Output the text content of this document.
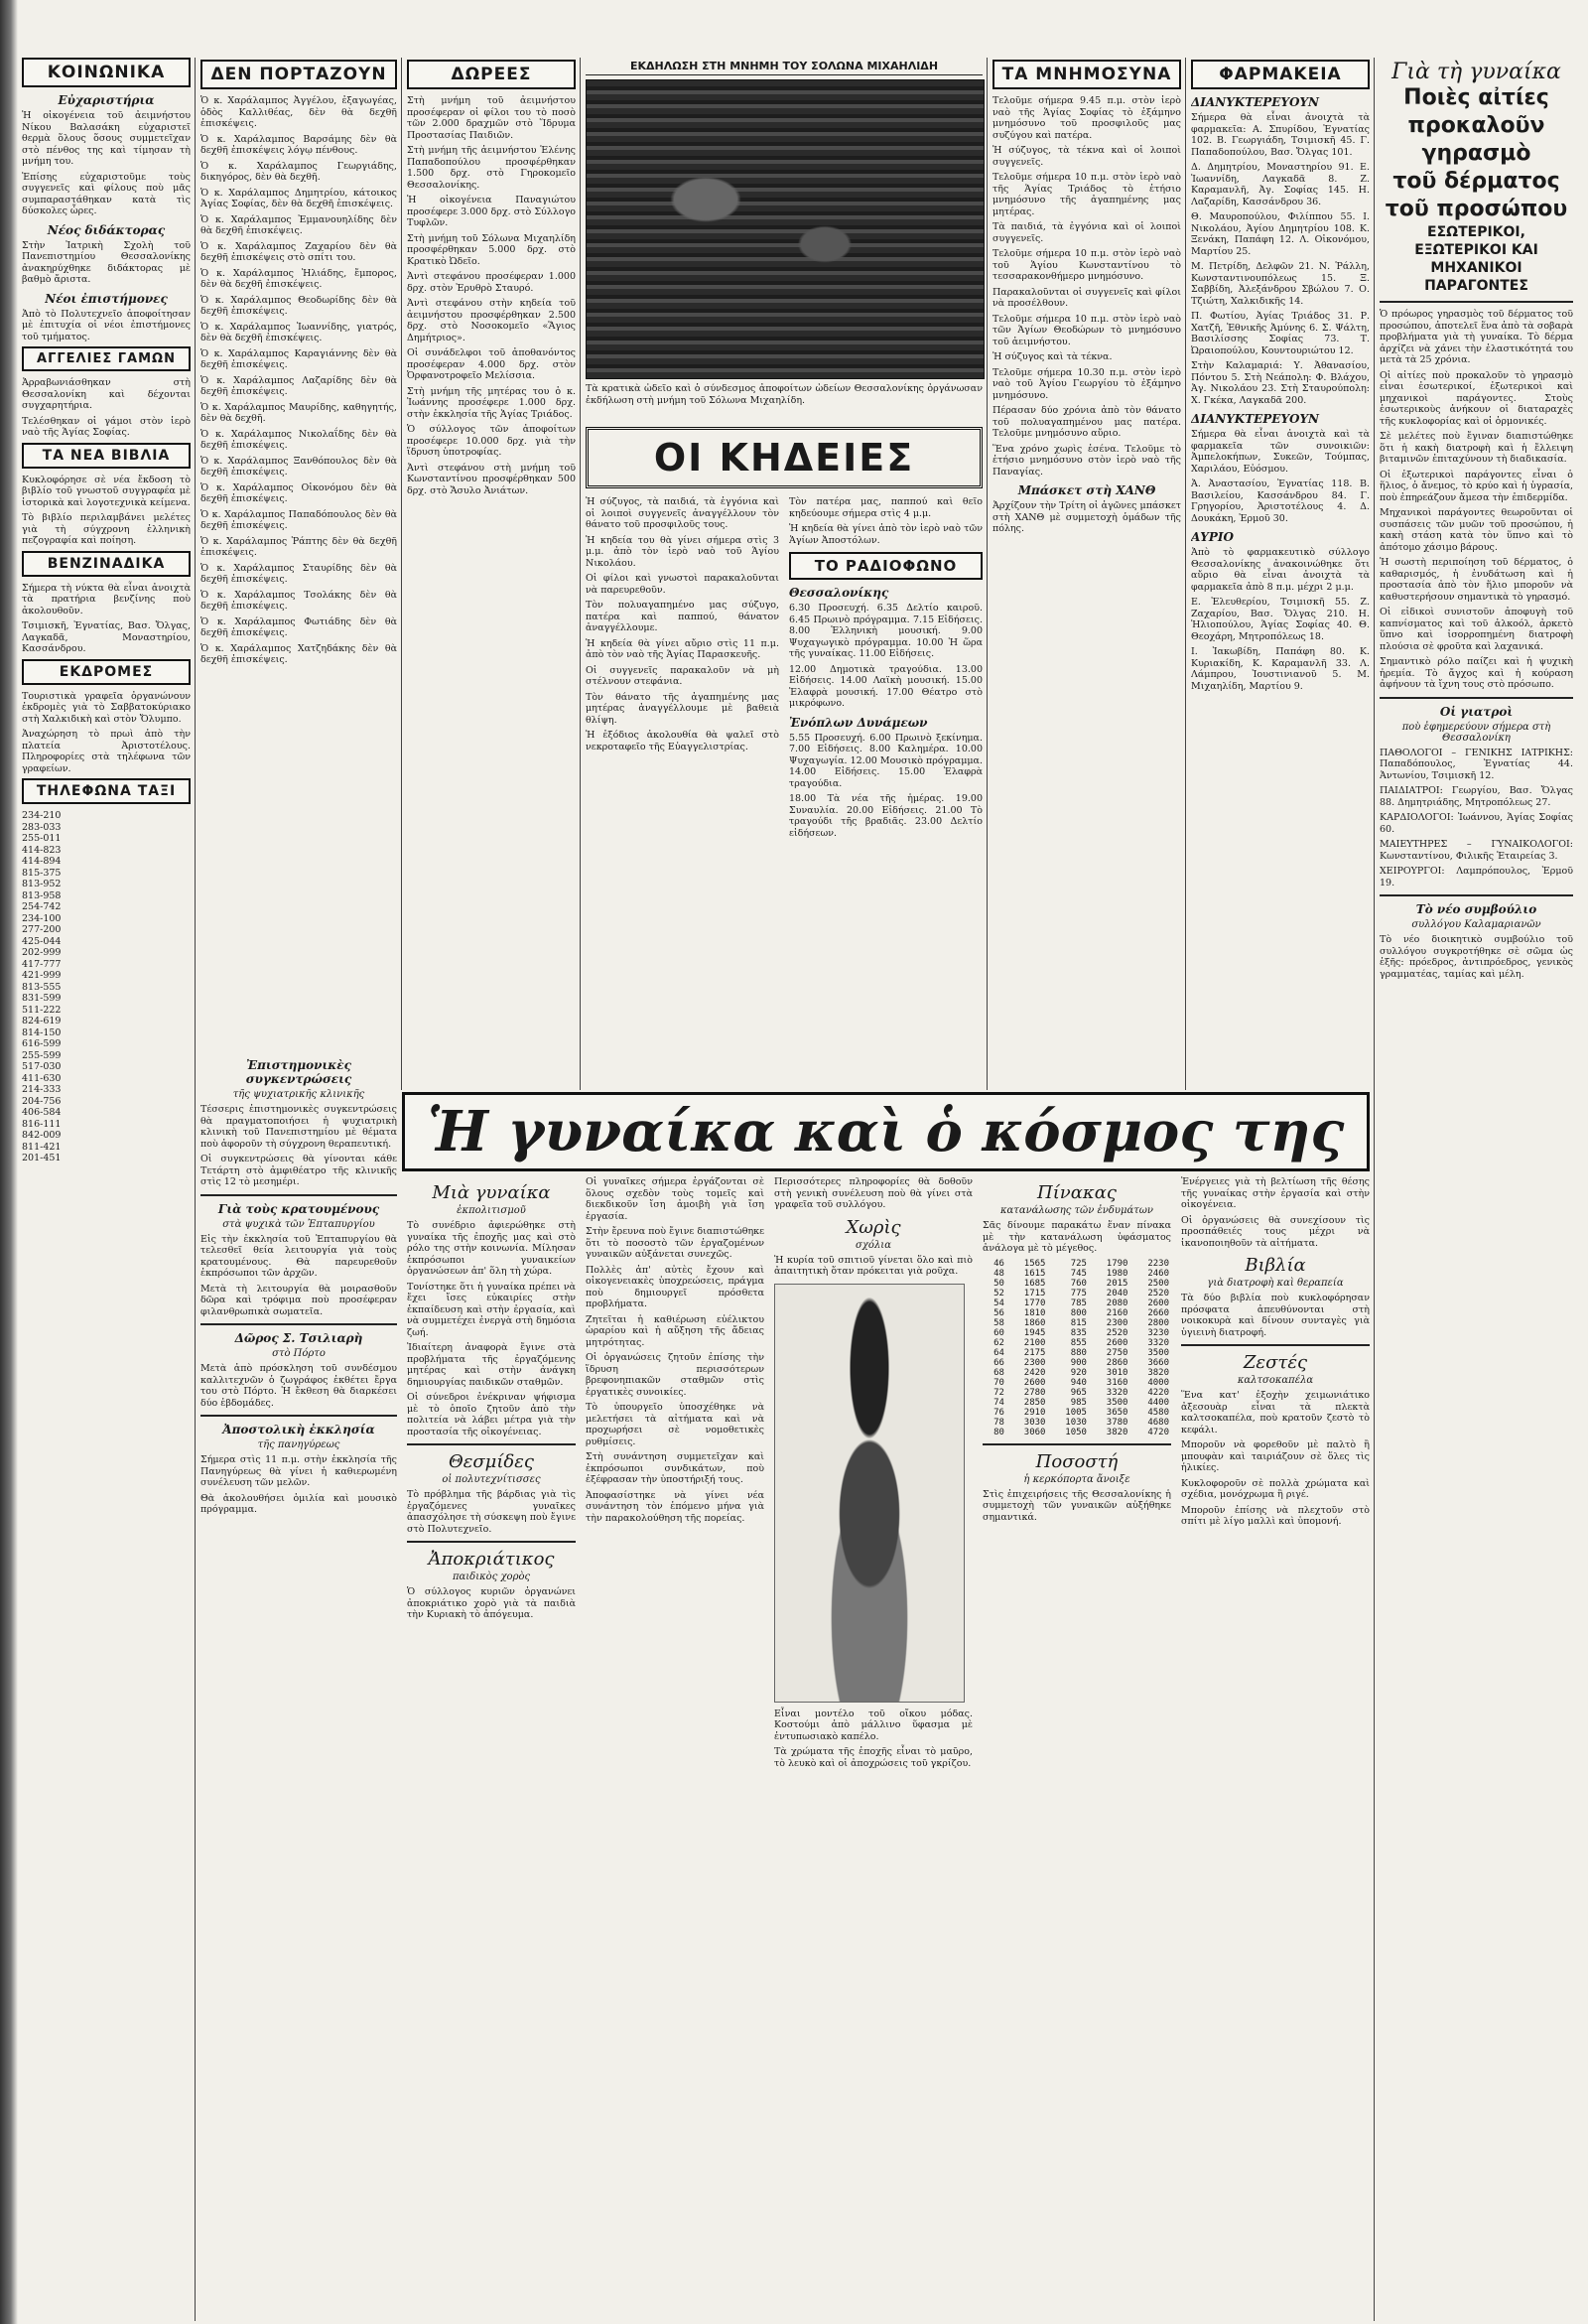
ΚΟΙΝΩΝΙΚΑ
Εὐχαριστήρια

Ἡ οἰκογένεια τοῦ ἀειμνήστου Νίκου Βαλασάκη εὐχαριστεῖ θερμὰ ὅλους ὅσους συμμετεῖχαν στὸ πένθος της καὶ τίμησαν τὴ μνήμη του.

Ἐπίσης εὐχαριστοῦμε τοὺς συγγενεῖς καὶ φίλους ποὺ μᾶς συμπαραστάθηκαν κατὰ τὶς δύσκολες ὧρες.

Νέος διδάκτορας

Στὴν Ἰατρικὴ Σχολὴ τοῦ Πανεπιστημίου Θεσσαλονίκης ἀνακηρύχθηκε διδάκτορας μὲ βαθμὸ ἄριστα.

Νέοι ἐπιστήμονες

Ἀπὸ τὸ Πολυτεχνεῖο ἀποφοίτησαν μὲ ἐπιτυχία οἱ νέοι ἐπιστήμονες τοῦ τμήματος.

ΑΓΓΕΛΙΕΣ ΓΑΜΩΝ

Ἀρραβωνιάσθηκαν στὴ Θεσσαλονίκη καὶ δέχονται συγχαρητήρια.

Τελέσθηκαν οἱ γάμοι στὸν ἱερὸ ναὸ τῆς Ἁγίας Σοφίας.

ΤΑ ΝΕΑ ΒΙΒΛΙΑ

Κυκλοφόρησε σὲ νέα ἔκδοση τὸ βιβλίο τοῦ γνωστοῦ συγγραφέα μὲ ἱστορικὰ καὶ λογοτεχνικὰ κείμενα.

Τὸ βιβλίο περιλαμβάνει μελέτες γιὰ τὴ σύγχρονη ἑλληνικὴ πεζογραφία καὶ ποίηση.

ΒΕΝΖΙΝΑΔΙΚΑ

Σήμερα τὴ νύκτα θὰ εἶναι ἀνοιχτὰ τὰ πρατήρια βενζίνης ποὺ ἀκολουθοῦν.

Τσιμισκῆ, Ἐγνατίας, Βασ. Ὄλγας, Λαγκαδᾶ, Μοναστηρίου, Κασσάνδρου.

ΕΚΔΡΟΜΕΣ

Τουριστικὰ γραφεῖα ὀργανώνουν ἐκδρομὲς γιὰ τὸ Σαββατοκύριακο στὴ Χαλκιδικὴ καὶ στὸν Ὄλυμπο.

Ἀναχώρηση τὸ πρωὶ ἀπὸ τὴν πλατεία Ἀριστοτέλους. Πληροφορίες στὰ τηλέφωνα τῶν γραφείων.

ΤΗΛΕΦΩΝΑ ΤΑΞΙ
234-210
283-033
255-011
414-823
414-894
815-375
813-952
813-958
254-742
234-100
277-200
425-044
202-999
417-777
421-999
813-555
831-599
511-222
824-619
814-150
616-599
255-599
517-030
411-630
214-333
204-756
406-584
816-111
842-009
811-421
201-451
ΔΕΝ ΠΟΡΤΑΖΟΥΝ

Ὁ κ. Χαράλαμπος Ἀγγέλου, ἐξαγωγέας, ὁδὸς Καλλιθέας, δὲν θὰ δεχθῆ ἐπισκέψεις.

Ὁ κ. Χαράλαμπος Βαρσάμης δὲν θὰ δεχθῆ ἐπισκέψεις λόγῳ πένθους.

Ὁ κ. Χαράλαμπος Γεωργιάδης, δικηγόρος, δὲν θὰ δεχθῆ.

Ὁ κ. Χαράλαμπος Δημητρίου, κάτοικος Ἀγίας Σοφίας, δὲν θὰ δεχθῆ ἐπισκέψεις.

Ὁ κ. Χαράλαμπος Ἐμμανουηλίδης δὲν θὰ δεχθῆ ἐπισκέψεις.

Ὁ κ. Χαράλαμπος Ζαχαρίου δὲν θὰ δεχθῆ ἐπισκέψεις στὸ σπίτι του.

Ὁ κ. Χαράλαμπος Ἠλιάδης, ἔμπορος, δὲν θὰ δεχθῆ ἐπισκέψεις.

Ὁ κ. Χαράλαμπος Θεοδωρίδης δὲν θὰ δεχθῆ ἐπισκέψεις.

Ὁ κ. Χαράλαμπος Ἰωαννίδης, γιατρός, δὲν θὰ δεχθῆ ἐπισκέψεις.

Ὁ κ. Χαράλαμπος Καραγιάννης δὲν θὰ δεχθῆ ἐπισκέψεις.

Ὁ κ. Χαράλαμπος Λαζαρίδης δὲν θὰ δεχθῆ ἐπισκέψεις.

Ὁ κ. Χαράλαμπος Μαυρίδης, καθηγητής, δὲν θὰ δεχθῆ.

Ὁ κ. Χαράλαμπος Νικολαΐδης δὲν θὰ δεχθῆ ἐπισκέψεις.

Ὁ κ. Χαράλαμπος Ξανθόπουλος δὲν θὰ δεχθῆ ἐπισκέψεις.

Ὁ κ. Χαράλαμπος Οἰκονόμου δὲν θὰ δεχθῆ ἐπισκέψεις.

Ὁ κ. Χαράλαμπος Παπαδόπουλος δὲν θὰ δεχθῆ ἐπισκέψεις.

Ὁ κ. Χαράλαμπος Ῥάπτης δὲν θὰ δεχθῆ ἐπισκέψεις.

Ὁ κ. Χαράλαμπος Σταυρίδης δὲν θὰ δεχθῆ ἐπισκέψεις.

Ὁ κ. Χαράλαμπος Τσολάκης δὲν θὰ δεχθῆ ἐπισκέψεις.

Ὁ κ. Χαράλαμπος Φωτιάδης δὲν θὰ δεχθῆ ἐπισκέψεις.

Ὁ κ. Χαράλαμπος Χατζηδάκης δὲν θὰ δεχθῆ ἐπισκέψεις.

ΔΩΡΕΕΣ

Στὴ μνήμη τοῦ ἀειμνήστου προσέφεραν οἱ φίλοι του τὸ ποσὸ τῶν 2.000 δραχμῶν στὸ Ἵδρυμα Προστασίας Παιδιῶν.

Στὴ μνήμη τῆς ἀειμνήστου Ἑλένης Παπαδοπούλου προσφέρθηκαν 1.500 δρχ. στὸ Γηροκομεῖο Θεσσαλονίκης.

Ἡ οἰκογένεια Παναγιώτου προσέφερε 3.000 δρχ. στὸ Σύλλογο Τυφλῶν.

Στὴ μνήμη τοῦ Σόλωνα Μιχαηλίδη προσφέρθηκαν 5.000 δρχ. στὸ Κρατικὸ Ὠδεῖο.

Ἀντὶ στεφάνου προσέφεραν 1.000 δρχ. στὸν Ἐρυθρὸ Σταυρό.

Ἀντὶ στεφάνου στὴν κηδεία τοῦ ἀειμνήστου προσφέρθηκαν 2.500 δρχ. στὸ Νοσοκομεῖο «Ἅγιος Δημήτριος».

Οἱ συνάδελφοι τοῦ ἀποθανόντος προσέφεραν 4.000 δρχ. στὸν Ὀρφανοτροφεῖο Μελίσσια.

Στὴ μνήμη τῆς μητέρας του ὁ κ. Ἰωάννης προσέφερε 1.000 δρχ. στὴν ἐκκλησία τῆς Ἁγίας Τριάδος.

Ὁ σύλλογος τῶν ἀποφοίτων προσέφερε 10.000 δρχ. γιὰ τὴν ἵδρυση ὑποτροφίας.

Ἀντὶ στεφάνου στὴ μνήμη τοῦ Κωνσταντίνου προσφέρθηκαν 500 δρχ. στὸ Ἄσυλο Ἀνιάτων.

ΕΚΔΗΛΩΣΗ ΣΤΗ ΜΝΗΜΗ ΤΟΥ ΣΟΛΩΝΑ ΜΙΧΑΗΛΙΔΗ
Τὰ κρατικὰ ὠδεῖο καὶ ὁ σύνδεσμος ἀποφοίτων ὠδείων Θεσσαλονίκης ὀργάνωσαν ἐκδήλωση στὴ μνήμη τοῦ Σόλωνα Μιχαηλίδη.
ΟΙ ΚΗΔΕΙΕΣ

Ἡ σύζυγος, τὰ παιδιά, τὰ ἐγγόνια καὶ οἱ λοιποὶ συγγενεῖς ἀναγγέλλουν τὸν θάνατο τοῦ προσφιλοῦς τους.

Ἡ κηδεία του θὰ γίνει σήμερα στὶς 3 μ.μ. ἀπὸ τὸν ἱερὸ ναὸ τοῦ Ἁγίου Νικολάου.

Οἱ φίλοι καὶ γνωστοὶ παρακαλοῦνται νὰ παρευρεθοῦν.

Τὸν πολυαγαπημένο μας σύζυγο, πατέρα καὶ παππού, θάνατον ἀναγγέλλουμε.

Ἡ κηδεία θὰ γίνει αὔριο στὶς 11 π.μ. ἀπὸ τὸν ναὸ τῆς Ἁγίας Παρασκευῆς.

Οἱ συγγενεῖς παρακαλοῦν νὰ μὴ στέλνουν στεφάνια.

Τὸν θάνατο τῆς ἀγαπημένης μας μητέρας ἀναγγέλλουμε μὲ βαθειὰ θλίψη.

Ἡ ἐξόδιος ἀκολουθία θὰ ψαλεῖ στὸ νεκροταφεῖο τῆς Εὐαγγελιστρίας.

Τὸν πατέρα μας, παππού καὶ θεῖο κηδεύουμε σήμερα στὶς 4 μ.μ.

Ἡ κηδεία θὰ γίνει ἀπὸ τὸν ἱερὸ ναὸ τῶν Ἁγίων Ἀποστόλων.

ΤΟ ΡΑΔΙΟΦΩΝΟ
Θεσσαλονίκης

6.30 Προσευχή. 6.35 Δελτίο καιροῦ. 6.45 Πρωινὸ πρόγραμμα. 7.15 Εἰδήσεις. 8.00 Ἑλληνικὴ μουσική. 9.00 Ψυχαγωγικὸ πρόγραμμα. 10.00 Ἡ ὥρα τῆς γυναίκας. 11.00 Εἰδήσεις.

12.00 Δημοτικὰ τραγούδια. 13.00 Εἰδήσεις. 14.00 Λαϊκὴ μουσική. 15.00 Ἐλαφρὰ μουσική. 17.00 Θέατρο στὸ μικρόφωνο.

Ἐνόπλων Δυνάμεων

5.55 Προσευχή. 6.00 Πρωινὸ ξεκίνημα. 7.00 Εἰδήσεις. 8.00 Καλημέρα. 10.00 Ψυχαγωγία. 12.00 Μουσικὸ πρόγραμμα. 14.00 Εἰδήσεις. 15.00 Ἐλαφρὰ τραγούδια.

18.00 Τὰ νέα τῆς ἡμέρας. 19.00 Συναυλία. 20.00 Εἰδήσεις. 21.00 Τὸ τραγούδι τῆς βραδιᾶς. 23.00 Δελτίο εἰδήσεων.

ΤΑ ΜΝΗΜΟΣΥΝΑ

Τελοῦμε σήμερα 9.45 π.μ. στὸν ἱερὸ ναὸ τῆς Ἁγίας Σοφίας τὸ ἑξάμηνο μνημόσυνο τοῦ προσφιλοῦς μας συζύγου καὶ πατέρα.

Ἡ σύζυγος, τὰ τέκνα καὶ οἱ λοιποὶ συγγενεῖς.

Τελοῦμε σήμερα 10 π.μ. στὸν ἱερὸ ναὸ τῆς Ἁγίας Τριάδος τὸ ἐτήσιο μνημόσυνο τῆς ἀγαπημένης μας μητέρας.

Τὰ παιδιά, τὰ ἐγγόνια καὶ οἱ λοιποὶ συγγενεῖς.

Τελοῦμε σήμερα 10 π.μ. στὸν ἱερὸ ναὸ τοῦ Ἁγίου Κωνσταντίνου τὸ τεσσαρακονθήμερο μνημόσυνο.

Παρακαλοῦνται οἱ συγγενεῖς καὶ φίλοι νὰ προσέλθουν.

Τελοῦμε σήμερα 10 π.μ. στὸν ἱερὸ ναὸ τῶν Ἁγίων Θεοδώρων τὸ μνημόσυνο τοῦ ἀειμνήστου.

Ἡ σύζυγος καὶ τὰ τέκνα.

Τελοῦμε σήμερα 10.30 π.μ. στὸν ἱερὸ ναὸ τοῦ Ἁγίου Γεωργίου τὸ ἑξάμηνο μνημόσυνο.

Πέρασαν δύο χρόνια ἀπὸ τὸν θάνατο τοῦ πολυαγαπημένου μας πατέρα. Τελοῦμε μνημόσυνο αὔριο.

Ἕνα χρόνο χωρὶς ἐσένα. Τελοῦμε τὸ ἐτήσιο μνημόσυνο στὸν ἱερὸ ναὸ τῆς Παναγίας.

Μπάσκετ στὴ ΧΑΝΘ

Ἀρχίζουν τὴν Τρίτη οἱ ἀγῶνες μπάσκετ στὴ ΧΑΝΘ μὲ συμμετοχὴ ὁμάδων τῆς πόλης.

ΦΑΡΜΑΚΕΙΑ
ΔΙΑΝΥΚΤΕΡΕΥΟΥΝ

Σήμερα θὰ εἶναι ἀνοιχτὰ τὰ φαρμακεῖα: Α. Σπυρίδου, Ἐγνατίας 102. Β. Γεωργιάδη, Τσιμισκῆ 45. Γ. Παπαδοπούλου, Βασ. Ὄλγας 101.

Δ. Δημητρίου, Μοναστηρίου 91. Ε. Ἰωαννίδη, Λαγκαδᾶ 8. Ζ. Καραμανλῆ, Ἀγ. Σοφίας 145. Η. Λαζαρίδη, Κασσάνδρου 36.

Θ. Μαυροπούλου, Φιλίππου 55. Ι. Νικολάου, Ἀγίου Δημητρίου 108. Κ. Ξενάκη, Παπάφη 12. Λ. Οἰκονόμου, Μαρτίου 25.

Μ. Πετρίδη, Δελφῶν 21. Ν. Ῥάλλη, Κωνσταντινουπόλεως 15. Ξ. Σαββίδη, Ἀλεξάνδρου Σβώλου 7. Ο. Τζιώτη, Χαλκιδικῆς 14.

Π. Φωτίου, Ἀγίας Τριάδος 31. Ρ. Χατζῆ, Ἐθνικῆς Ἀμύνης 6. Σ. Ψάλτη, Βασιλίσσης Σοφίας 73. Τ. Ὠραιοπούλου, Κουντουριώτου 12.

Στὴν Καλαμαριά: Υ. Ἀθανασίου, Πόντου 5. Στὴ Νεάπολη: Φ. Βλάχου, Ἀγ. Νικολάου 23. Στὴ Σταυρούπολη: Χ. Γκέκα, Λαγκαδᾶ 200.

ΔΙΑΝΥΚΤΕΡΕΥΟΥΝ

Σήμερα θὰ εἶναι ἀνοιχτὰ καὶ τὰ φαρμακεῖα τῶν συνοικιῶν: Ἀμπελοκήπων, Συκεῶν, Τούμπας, Χαριλάου, Εὐόσμου.

Ἀ. Ἀναστασίου, Ἐγνατίας 118. Β. Βασιλείου, Κασσάνδρου 84. Γ. Γρηγορίου, Ἀριστοτέλους 4. Δ. Δουκάκη, Ἐρμοῦ 30.

ΑΥΡΙΟ

Ἀπὸ τὸ φαρμακευτικὸ σύλλογο Θεσσαλονίκης ἀνακοινώθηκε ὅτι αὔριο θὰ εἶναι ἀνοιχτὰ τὰ φαρμακεῖα ἀπὸ 8 π.μ. μέχρι 2 μ.μ.

Ε. Ἐλευθερίου, Τσιμισκῆ 55. Ζ. Ζαχαρίου, Βασ. Ὄλγας 210. Η. Ἡλιοπούλου, Ἁγίας Σοφίας 40. Θ. Θεοχάρη, Μητροπόλεως 18.

Ι. Ἰακωβίδη, Παπάφη 80. Κ. Κυριακίδη, Κ. Καραμανλῆ 33. Λ. Λάμπρου, Ἰουστινιανοῦ 5. Μ. Μιχαηλίδη, Μαρτίου 9.

Γιὰ τὴ γυναίκα
Ποιὲς αἰτίες
προκαλοῦν γηρασμὸ
τοῦ δέρματος
τοῦ προσώπου
ΕΣΩΤΕΡΙΚΟΙ, ΕΞΩΤΕΡΙΚΟΙ ΚΑΙ ΜΗΧΑΝΙΚΟΙ ΠΑΡΑΓΟΝΤΕΣ

Ὁ πρόωρος γηρασμὸς τοῦ δέρματος τοῦ προσώπου, ἀποτελεῖ ἕνα ἀπὸ τὰ σοβαρὰ προβλήματα γιὰ τὴ γυναίκα. Τὸ δέρμα ἀρχίζει νὰ χάνει τὴν ἐλαστικότητά του μετὰ τὰ 25 χρόνια.

Οἱ αἰτίες ποὺ προκαλοῦν τὸ γηρασμὸ εἶναι ἐσωτερικοί, ἐξωτερικοὶ καὶ μηχανικοὶ παράγοντες. Στοὺς ἐσωτερικοὺς ἀνήκουν οἱ διαταραχὲς τῆς κυκλοφορίας καὶ οἱ ὁρμονικές.

Σὲ μελέτες ποὺ ἔγιναν διαπιστώθηκε ὅτι ἡ κακὴ διατροφὴ καὶ ἡ ἔλλειψη βιταμινῶν ἐπιταχύνουν τὴ διαδικασία.

Οἱ ἐξωτερικοὶ παράγοντες εἶναι ὁ ἥλιος, ὁ ἄνεμος, τὸ κρύο καὶ ἡ ὑγρασία, ποὺ ἐπηρεάζουν ἄμεσα τὴν ἐπιδερμίδα.

Μηχανικοὶ παράγοντες θεωροῦνται οἱ συσπάσεις τῶν μυῶν τοῦ προσώπου, ἡ κακὴ στάση κατὰ τὸν ὕπνο καὶ τὸ ἀπότομο χάσιμο βάρους.

Ἡ σωστὴ περιποίηση τοῦ δέρματος, ὁ καθαρισμός, ἡ ἐνυδάτωση καὶ ἡ προστασία ἀπὸ τὸν ἥλιο μποροῦν νὰ καθυστερήσουν σημαντικὰ τὸ γηρασμό.

Οἱ εἰδικοὶ συνιστοῦν ἀποφυγὴ τοῦ καπνίσματος καὶ τοῦ ἀλκοόλ, ἀρκετὸ ὕπνο καὶ ἰσορροπημένη διατροφὴ πλούσια σὲ φροῦτα καὶ λαχανικά.

Σημαντικὸ ρόλο παίζει καὶ ἡ ψυχικὴ ἠρεμία. Τὸ ἄγχος καὶ ἡ κούραση ἀφήνουν τὰ ἴχνη τους στὸ πρόσωπο.

Οἱ γιατροὶ
ποὺ ἐφημερεύουν σήμερα στὴ Θεσσαλονίκη

ΠΑΘΟΛΟΓΟΙ – ΓΕΝΙΚΗΣ ΙΑΤΡΙΚΗΣ: Παπαδόπουλος, Ἐγνατίας 44. Ἀντωνίου, Τσιμισκῆ 12.

ΠΑΙΔΙΑΤΡΟΙ: Γεωργίου, Βασ. Ὄλγας 88. Δημητριάδης, Μητροπόλεως 27.

ΚΑΡΔΙΟΛΟΓΟΙ: Ἰωάννου, Ἁγίας Σοφίας 60.

ΜΑΙΕΥΤΗΡΕΣ – ΓΥΝΑΙΚΟΛΟΓΟΙ: Κωνσταντίνου, Φιλικῆς Ἑταιρείας 3.

ΧΕΙΡΟΥΡΓΟΙ: Λαμπρόπουλος, Ἐρμοῦ 19.

Τὸ νέο συμβούλιο
συλλόγου Καλαμαριανῶν

Τὸ νέο διοικητικὸ συμβούλιο τοῦ συλλόγου συγκροτήθηκε σὲ σῶμα ὡς ἑξῆς: πρόεδρος, ἀντιπρόεδρος, γενικὸς γραμματέας, ταμίας καὶ μέλη.

Ἡ γυναίκα καὶ ὁ κόσμος της
Ἐπιστημονικὲς συγκεντρώσεις
τῆς ψυχιατρικῆς κλινικῆς

Τέσσερις ἐπιστημονικὲς συγκεντρώσεις θὰ πραγματοποιήσει ἡ ψυχιατρικὴ κλινικὴ τοῦ Πανεπιστημίου μὲ θέματα ποὺ ἀφοροῦν τὴ σύγχρονη θεραπευτική.

Οἱ συγκεντρώσεις θὰ γίνονται κάθε Τετάρτη στὸ ἀμφιθέατρο τῆς κλινικῆς στὶς 12 τὸ μεσημέρι.

Γιὰ τοὺς κρατουμένους
στὰ ψυχικὰ τῶν Ἐπταπυργίου

Εἰς τὴν ἐκκλησία τοῦ Ἐπταπυργίου θὰ τελεσθεῖ θεία λειτουργία γιὰ τοὺς κρατουμένους. Θὰ παρευρεθοῦν ἐκπρόσωποι τῶν ἀρχῶν.

Μετὰ τὴ λειτουργία θὰ μοιρασθοῦν δῶρα καὶ τρόφιμα ποὺ προσέφεραν φιλανθρωπικὰ σωματεῖα.

Δῶρος Σ. Τσιλιαρὴ
στὸ Πόρτο

Μετὰ ἀπὸ πρόσκληση τοῦ συνδέσμου καλλιτεχνῶν ὁ ζωγράφος ἐκθέτει ἔργα του στὸ Πόρτο. Ἡ ἔκθεση θὰ διαρκέσει δύο ἑβδομάδες.

Ἀποστολικὴ ἐκκλησία
τῆς πανηγύρεως

Σήμερα στὶς 11 π.μ. στὴν ἐκκλησία τῆς Πανηγύρεως θὰ γίνει ἡ καθιερωμένη συνέλευση τῶν μελῶν.

Θὰ ἀκολουθήσει ὁμιλία καὶ μουσικὸ πρόγραμμα.

Μιὰ γυναίκα
ἐκπολιτισμοῦ

Τὸ συνέδριο ἀφιερώθηκε στὴ γυναίκα τῆς ἐποχῆς μας καὶ στὸ ρόλο της στὴν κοινωνία. Μίλησαν ἐκπρόσωποι γυναικείων ὀργανώσεων ἀπ' ὅλη τὴ χώρα.

Τονίστηκε ὅτι ἡ γυναίκα πρέπει νὰ ἔχει ἴσες εὐκαιρίες στὴν ἐκπαίδευση καὶ στὴν ἐργασία, καὶ νὰ συμμετέχει ἐνεργὰ στὴ δημόσια ζωή.

Ἰδιαίτερη ἀναφορὰ ἔγινε στὰ προβλήματα τῆς ἐργαζόμενης μητέρας καὶ στὴν ἀνάγκη δημιουργίας παιδικῶν σταθμῶν.

Οἱ σύνεδροι ἐνέκριναν ψήφισμα μὲ τὸ ὁποῖο ζητοῦν ἀπὸ τὴν πολιτεία νὰ λάβει μέτρα γιὰ τὴν προστασία τῆς οἰκογένειας.

Θεσμίδες
οἱ πολυτεχνίτισσες

Τὸ πρόβλημα τῆς βάρδιας γιὰ τὶς ἐργαζόμενες γυναῖκες ἀπασχόλησε τὴ σύσκεψη ποὺ ἔγινε στὸ Πολυτεχνεῖο.

Ἀποκριάτικος
παιδικὸς χορὸς

Ὁ σύλλογος κυριῶν ὀργανώνει ἀποκριάτικο χορὸ γιὰ τὰ παιδιὰ τὴν Κυριακὴ τὸ ἀπόγευμα.

Οἱ γυναῖκες σήμερα ἐργάζονται σὲ ὅλους σχεδὸν τοὺς τομεῖς καὶ διεκδικοῦν ἴση ἀμοιβὴ γιὰ ἴση ἐργασία.

Στὴν ἔρευνα ποὺ ἔγινε διαπιστώθηκε ὅτι τὸ ποσοστὸ τῶν ἐργαζομένων γυναικῶν αὐξάνεται συνεχῶς.

Πολλὲς ἀπ' αὐτὲς ἔχουν καὶ οἰκογενειακὲς ὑποχρεώσεις, πράγμα ποὺ δημιουργεῖ πρόσθετα προβλήματα.

Ζητεῖται ἡ καθιέρωση εὐέλικτου ὡραρίου καὶ ἡ αὔξηση τῆς ἄδειας μητρότητας.

Οἱ ὀργανώσεις ζητοῦν ἐπίσης τὴν ἵδρυση περισσότερων βρεφονηπιακῶν σταθμῶν στὶς ἐργατικὲς συνοικίες.

Τὸ ὑπουργεῖο ὑποσχέθηκε νὰ μελετήσει τὰ αἰτήματα καὶ νὰ προχωρήσει σὲ νομοθετικὲς ρυθμίσεις.

Στὴ συνάντηση συμμετεῖχαν καὶ ἐκπρόσωποι συνδικάτων, ποὺ ἐξέφρασαν τὴν ὑποστήριξή τους.

Ἀποφασίστηκε νὰ γίνει νέα συνάντηση τὸν ἑπόμενο μήνα γιὰ τὴν παρακολούθηση τῆς πορείας.

Περισσότερες πληροφορίες θὰ δοθοῦν στὴ γενικὴ συνέλευση ποὺ θὰ γίνει στὰ γραφεῖα τοῦ συλλόγου.

Χωρὶς
σχόλια

Ἡ κυρία τοῦ σπιτιοῦ γίνεται ὅλο καὶ πιὸ ἀπαιτητικὴ ὅταν πρόκειται γιὰ ροῦχα.

Εἶναι μοντέλο τοῦ οἴκου μόδας. Κοστούμι ἀπὸ μάλλινο ὕφασμα μὲ ἐντυπωσιακὸ καπέλο.

Τὰ χρώματα τῆς ἐποχῆς εἶναι τὸ μαῦρο, τὸ λευκὸ καὶ οἱ ἀποχρώσεις τοῦ γκρίζου.

Πίνακας
κατανάλωσης τῶν ἐνδυμάτων

Σᾶς δίνουμε παρακάτω ἕναν πίνακα μὲ τὴν κατανάλωση ὑφάσματος ἀνάλογα μὲ τὸ μέγεθος.

46	1565	725	1790	2230
48	1615	745	1980	2460
50	1685	760	2015	2500
52	1715	775	2040	2520
54	1770	785	2080	2600
56	1810	800	2160	2660
58	1860	815	2300	2800
60	1945	835	2520	3230
62	2100	855	2600	3320
64	2175	880	2750	3500
66	2300	900	2860	3660
68	2420	920	3010	3820
70	2600	940	3160	4000
72	2780	965	3320	4220
74	2850	985	3500	4400
76	2910	1005	3650	4580
78	3030	1030	3780	4680
80	3060	1050	3820	4720
Ποσοστή
ἡ κερκόπορτα ἄνοιξε

Στὶς ἐπιχειρήσεις τῆς Θεσσαλονίκης ἡ συμμετοχὴ τῶν γυναικῶν αὐξήθηκε σημαντικά.

Ἐνέργειες γιὰ τὴ βελτίωση τῆς θέσης τῆς γυναίκας στὴν ἐργασία καὶ στὴν οἰκογένεια.

Οἱ ὀργανώσεις θὰ συνεχίσουν τὶς προσπάθειές τους μέχρι νὰ ἱκανοποιηθοῦν τὰ αἰτήματα.

Βιβλία
γιὰ διατροφὴ καὶ θεραπεία

Τὰ δύο βιβλία ποὺ κυκλοφόρησαν πρόσφατα ἀπευθύνονται στὴ νοικοκυρὰ καὶ δίνουν συνταγὲς γιὰ ὑγιεινὴ διατροφή.

Ζεστές
καλτσοκαπέλα

Ἕνα κατ' ἐξοχὴν χειμωνιάτικο ἀξεσουὰρ εἶναι τὰ πλεκτὰ καλτσοκαπέλα, ποὺ κρατοῦν ζεστὸ τὸ κεφάλι.

Μποροῦν νὰ φορεθοῦν μὲ παλτὸ ἢ μπουφὰν καὶ ταιριάζουν σὲ ὅλες τὶς ἡλικίες.

Κυκλοφοροῦν σὲ πολλὰ χρώματα καὶ σχέδια, μονόχρωμα ἢ ριγέ.

Μποροῦν ἐπίσης νὰ πλεχτοῦν στὸ σπίτι μὲ λίγο μαλλὶ καὶ ὑπομονή.
